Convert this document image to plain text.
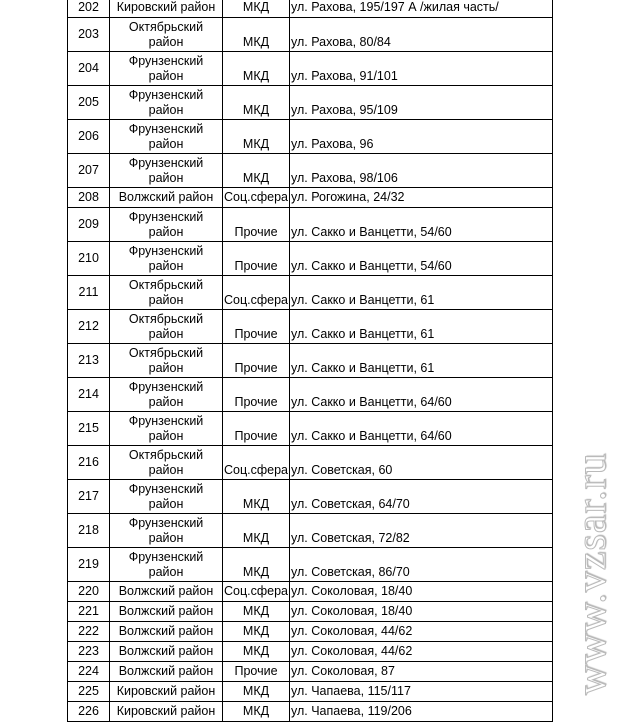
202	Кировский район	МКД	ул. Рахова, 195/197 А /жилая часть/
203	Октябрьский район	МКД	ул. Рахова, 80/84
204	Фрунзенский район	МКД	ул. Рахова, 91/101
205	Фрунзенский район	МКД	ул. Рахова, 95/109
206	Фрунзенский район	МКД	ул. Рахова, 96
207	Фрунзенский район	МКД	ул. Рахова, 98/106
208	Волжский район	Соц.сфера	ул. Рогожина, 24/32
209	Фрунзенский район	Прочие	ул. Сакко и Ванцетти, 54/60
210	Фрунзенский район	Прочие	ул. Сакко и Ванцетти, 54/60
211	Октябрьский район	Соц.сфера	ул. Сакко и Ванцетти, 61
212	Октябрьский район	Прочие	ул. Сакко и Ванцетти, 61
213	Октябрьский район	Прочие	ул. Сакко и Ванцетти, 61
214	Фрунзенский район	Прочие	ул. Сакко и Ванцетти, 64/60
215	Фрунзенский район	Прочие	ул. Сакко и Ванцетти, 64/60
216	Октябрьский район	Соц.сфера	ул. Советская, 60
217	Фрунзенский район	МКД	ул. Советская, 64/70
218	Фрунзенский район	МКД	ул. Советская, 72/82
219	Фрунзенский район	МКД	ул. Советская, 86/70
220	Волжский район	Соц.сфера	ул. Соколовая, 18/40
221	Волжский район	МКД	ул. Соколовая, 18/40
222	Волжский район	МКД	ул. Соколовая, 44/62
223	Волжский район	МКД	ул. Соколовая, 44/62
224	Волжский район	Прочие	ул. Соколовая, 87
225	Кировский район	МКД	ул. Чапаева, 115/117
226	Кировский район	МКД	ул. Чапаева, 119/206
www.vzsar.ru
